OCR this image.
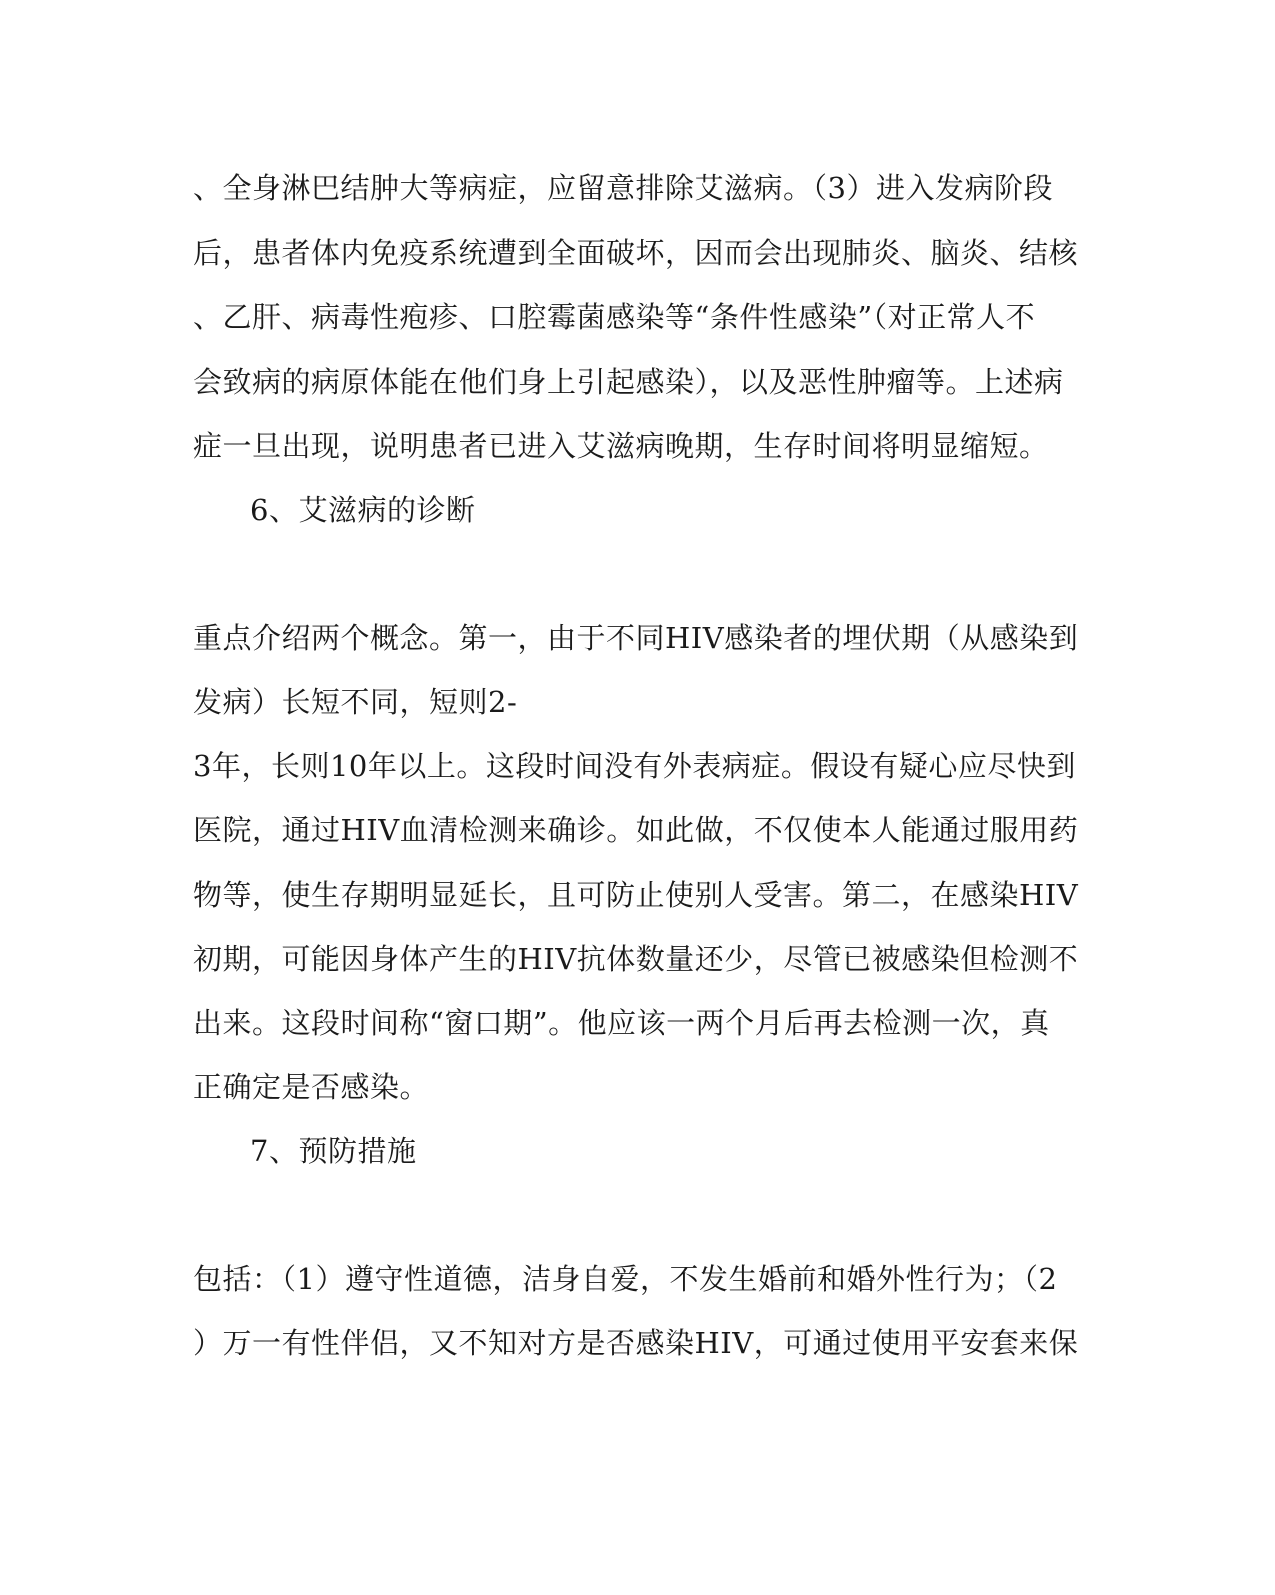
、全身淋巴结肿大等病症，应留意排除艾滋病。（3）进入发病阶段
后，患者体内免疫系统遭到全面破坏，因而会出现肺炎、脑炎、结核
、乙肝、病毒性疱疹、口腔霉菌感染等“条件性感染”（对正常人不
会致病的病原体能在他们身上引起感染），以及恶性肿瘤等。上述病
症一旦出现，说明患者已进入艾滋病晚期，生存时间将明显缩短。
6、艾滋病的诊断
重点介绍两个概念。第一，由于不同HIV感染者的埋伏期（从感染到
发病）长短不同，短则2-
3年，长则10年以上。这段时间没有外表病症。假设有疑心应尽快到
医院，通过HIV血清检测来确诊。如此做，不仅使本人能通过服用药
物等，使生存期明显延长，且可防止使别人受害。第二，在感染HIV
初期，可能因身体产生的HIV抗体数量还少，尽管已被感染但检测不
出来。这段时间称“窗口期”。他应该一两个月后再去检测一次，真
正确定是否感染。
7、预防措施
包括：（1）遵守性道德，洁身自爱，不发生婚前和婚外性行为；（2
）万一有性伴侣，又不知对方是否感染HIV，可通过使用平安套来保
